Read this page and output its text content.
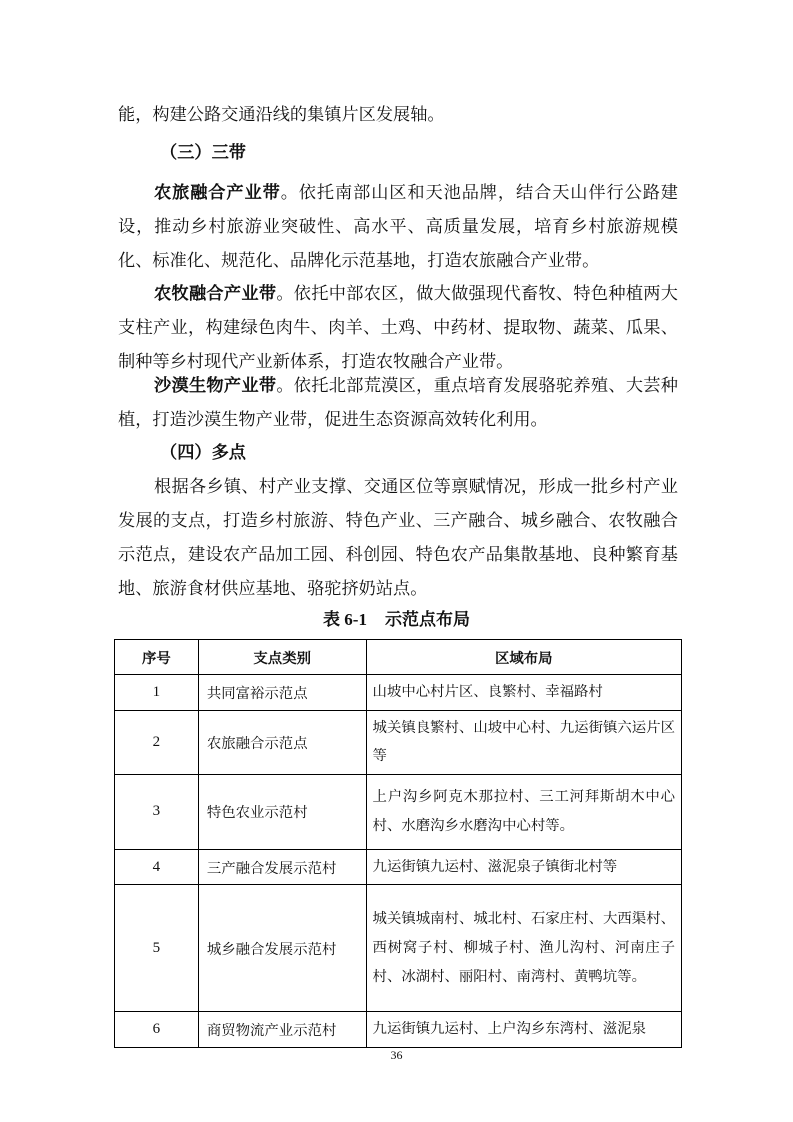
能，构建公路交通沿线的集镇片区发展轴。

（三）三带

农旅融合产业带。依托南部山区和天池品牌，结合天山伴行公路建设，推动乡村旅游业突破性、高水平、高质量发展，培育乡村旅游规模化、标准化、规范化、品牌化示范基地，打造农旅融合产业带。

农牧融合产业带。依托中部农区，做大做强现代畜牧、特色种植两大支柱产业，构建绿色肉牛、肉羊、土鸡、中药材、提取物、蔬菜、瓜果、制种等乡村现代产业新体系，打造农牧融合产业带。

沙漠生物产业带。依托北部荒漠区，重点培育发展骆驼养殖、大芸种植，打造沙漠生物产业带，促进生态资源高效转化利用。

（四）多点

根据各乡镇、村产业支撑、交通区位等禀赋情况，形成一批乡村产业发展的支点，打造乡村旅游、特色产业、三产融合、城乡融合、农牧融合示范点，建设农产品加工园、科创园、特色农产品集散基地、良种繁育基地、旅游食材供应基地、骆驼挤奶站点。

表 6-1 示范点布局
序号	支点类别	区域布局
1	共同富裕示范点	山坡中心村片区、良繁村、幸福路村
2	农旅融合示范点	城关镇良繁村、山坡中心村、九运街镇六运片区等
3	特色农业示范村	上户沟乡阿克木那拉村、三工河拜斯胡木中心村、水磨沟乡水磨沟中心村等。
4	三产融合发展示范村	九运街镇九运村、滋泥泉子镇街北村等
5	城乡融合发展示范村	城关镇城南村、城北村、石家庄村、大西渠村、西树窝子村、柳城子村、渔儿沟村、河南庄子村、冰湖村、丽阳村、南湾村、黄鸭坑等。
6	商贸物流产业示范村	九运街镇九运村、上户沟乡东湾村、滋泥泉
36
